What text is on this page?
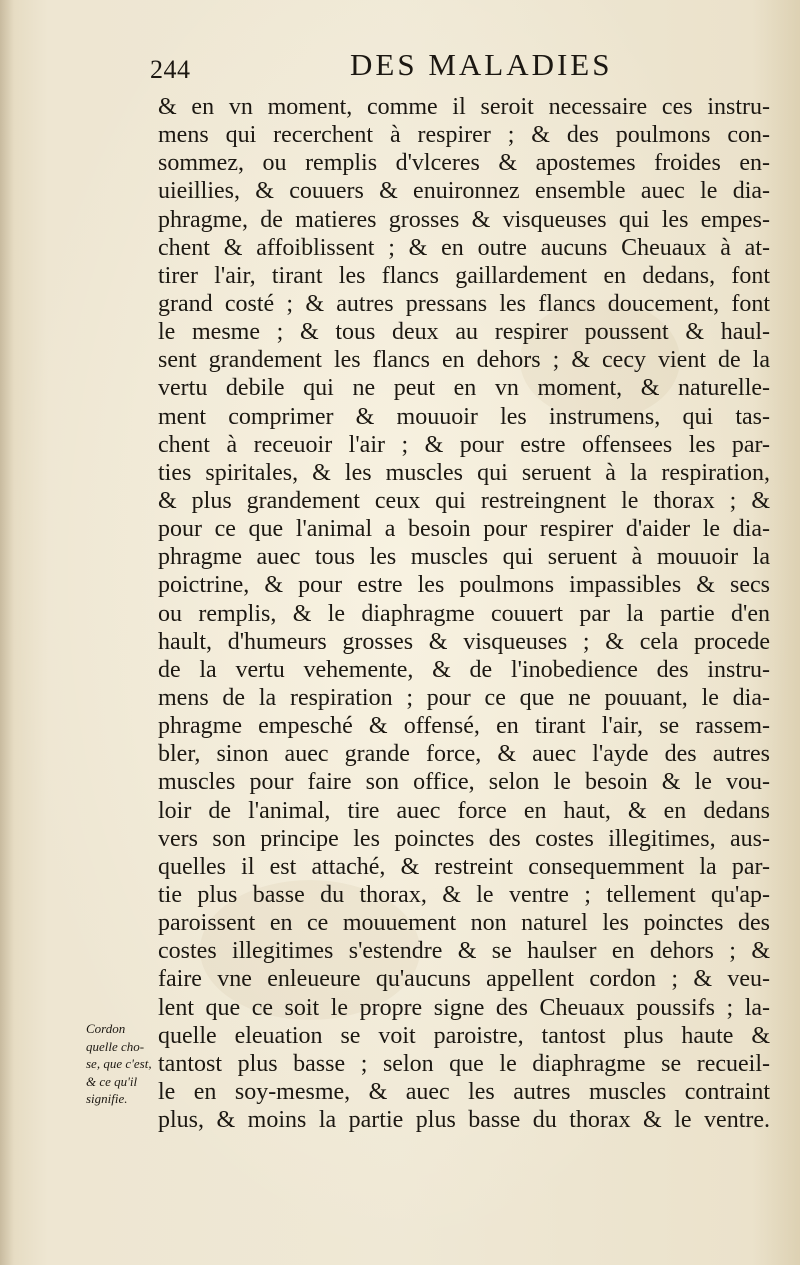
244	DES MALADIES
& en vn moment, comme il seroit necessaire ces instru-
mens qui recerchent à respirer ; & des poulmons con-
sommez, ou remplis d'vlceres & apostemes froides en-
uieillies, & couuers & enuironnez ensemble auec le dia-
phragme, de matieres grosses & visqueuses qui les empes-
chent & affoiblissent ; & en outre aucuns Cheuaux à at-
tirer l'air, tirant les flancs gaillardement en dedans, font
grand costé ; & autres pressans les flancs doucement, font
le mesme ; & tous deux au respirer poussent & haul-
sent grandement les flancs en dehors ; & cecy vient de la
vertu debile qui ne peut en vn moment, & naturelle-
ment comprimer & mouuoir les instrumens, qui tas-
chent à receuoir l'air ; & pour estre offensees les par-
ties spiritales, & les muscles qui seruent à la respiration,
& plus grandement ceux qui restreingnent le thorax ; &
pour ce que l'animal a besoin pour respirer d'aider le dia-
phragme auec tous les muscles qui seruent à mouuoir la
poictrine, & pour estre les poulmons impassibles & secs
ou remplis, & le diaphragme couuert par la partie d'en
hault, d'humeurs grosses & visqueuses ; & cela procede
de la vertu vehemente, & de l'inobedience des instru-
mens de la respiration ; pour ce que ne pouuant, le dia-
phragme empesché & offensé, en tirant l'air, se rassem-
bler, sinon auec grande force, & auec l'ayde des autres
muscles pour faire son office, selon le besoin & le vou-
loir de l'animal, tire auec force en haut, & en dedans
vers son principe les poinctes des costes illegitimes, aus-
quelles il est attaché, & restreint consequemment la par-
tie plus basse du thorax, & le ventre ; tellement qu'ap-
paroissent en ce mouuement non naturel les poinctes des
costes illegitimes s'estendre & se haulser en dehors ; &
faire vne enleueure qu'aucuns appellent cordon ; & veu-
lent que ce soit le propre signe des Cheuaux poussifs ; la-
quelle eleuation se voit paroistre, tantost plus haute &
tantost plus basse ; selon que le diaphragme se recueil-
le en soy-mesme, & auec les autres muscles contraint
plus, & moins la partie plus basse du thorax & le ventre.
Cordon
quelle cho-
se, que c'est,
& ce qu'il
signifie.
